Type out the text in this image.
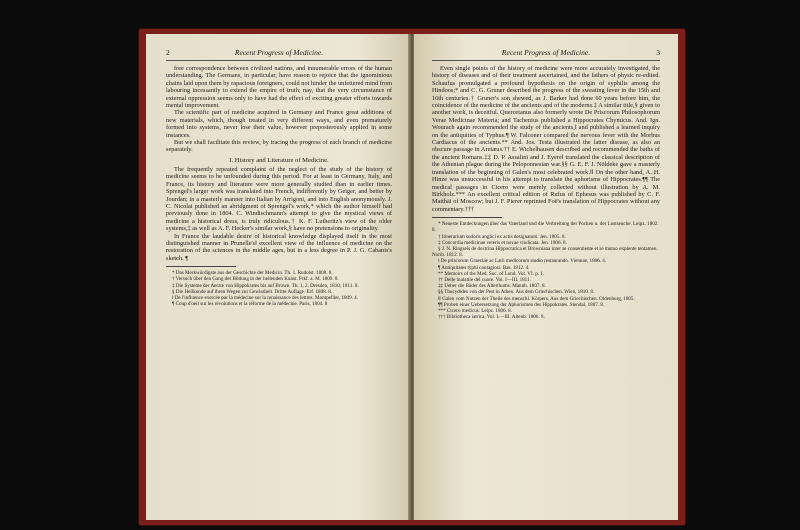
2	Recent Progress of Medicine.

free correspondence between civilized nations, and innumerable errors of the human understanding. The Germans, in particular, have reason to rejoice that the ignominious chains laid upon them by rapacious foreigners, could not hinder the unfettered mind from labouring incessantly to extend the empire of truth; nay, that the very circumstance of external oppression seems only to have had the effect of exciting greater efforts towards mental improvement.

The scientific part of medicine acquired in Germany and France great additions of new materials, which, though treated in very different ways, and even prematurely formed into systems, never lose their value, however preposterously applied in some instances.

But we shall facilitate this review, by tracing the progress of each branch of medicine separately.

I. History and Literature of Medicine.

The frequently repeated complaint of the neglect of the study of the history of medicine seems to be unfounded during this period. For at least in Germany, Italy, and France, its history and literature were more generally studied than in earlier times. Sprengel's larger work was translated into French, indifferently by Geiger, and better by Jourdan; in a masterly manner into Italian by Arrigoni, and into English anonymously. J. C. Nicolai published an abridgment of Sprengel's work,* which the author himself had previously done in 1804. C. Windischmann's attempt to give the mystical views of medicine a historical dress, is truly ridiculous.† K. F. Lutheritz's view of the older systems,‡ as well as A. F. Hecker's similar work,§ have no pretensions to originality.

In France the laudable desire of historical knowledge displayed itself in the most distinguished manner in Prunelle's‖ excellent view of the influence of medicine on the restoration of the sciences in the middle ages, but in a less degree in P. J. G. Cabanis's sketch. ¶

* Das Merkwürdigste aus der Geschichte der Medicin. Th. 1. Rudolst. 1808. 8.
† Versuch über den Gang der Bildung in der heilenden Kunst. Frkf. a. M. 1809. 8.
‡ Die Systeme der Aerzte von Hippokrates bis auf Brown. Th. 1, 2. Dresden, 1810, 1811. 8.
§ Die Heilkunde auf ihren Wegen zur Gewissheit. Dritte Auflage. Erf. 1808. 8.
‖ De l'influence exercée par la médecine sur la renaissance des lettres. Montpellier, 1809. 4.
¶ Coup d'oeil sur les révolutions et la réforme de la médecine. Paris, 1804. 8
Recent Progress of Medicine.	3

Even single points of the history of medicine were more accurately investigated, the history of diseases and of their treatment ascertained, and the fathers of physic re-edited. Schaufus promulgated a profound hypothesis on the origin of syphilis among the Hindoos;* and C. G. Gruner described the progress of the sweating fever in the 15th and 16th centuries.† Gruner's son shewed, as J. Barker had done 60 years before him, the coincidence of the medicine of the ancients and of the moderns.‡ A similar title,§ given to another work, is deceitful. Quercetanus also formerly wrote De Priscorum Philosophorum Verae Medicinae Materia; and Tachenius published a Hippocrates Chymicus. And. Ign. Wourach again recommended the study of the ancients,‖ and published a learned inquiry on the antiquities of Typhus.¶ W. Falconer compared the nervous fever with the Morbus Cardiacus of the ancients.** And. Jos. Testa illustrated the latter disease, as also an obscure passage in Aretæus.†† E. Wichelhausen described and recommended the baths of the ancient Romans.‡‡ D. P. Assalini and J. Eyerel translated the classical description of the Athenian plague during the Peloponnesian war.§§ G. E. F. J. Nöldeke gave a masterly translation of the beginning of Galen's most celebrated work.‖‖ On the other hand, A. H. Hinze was unsuccessful in his attempt to translate the aphorisms of Hippocrates.¶¶ The medical passages in Cicero were merely collected without illustration by A. M. Birkholz.*** An excellent critical edition of Rufus of Ephesus was published by C. F. Matthäi of Moscow; but J. F. Pierer reprinted Foë's translation of Hippocrates without any commentary.†††

* Neueste Entdeckungen über das Vaterland und die Verbreitung der Pocken u. der Lustseuche. Leipz. 1802. 8.
† Itinerarium sudoris anglici ex actis designatum. Jen. 1805. 8.
‡ Concordia medicinae veteris et novae vindicata. Jen. 1806. 8.
§ J. N. Ringseis de doctrina Hippocratica et Browniana inter se consentiente et se mutuo explente tentamen. Norib. 1812. 8.
‖ De priscorum Graeciae ac Latii medicorum studio restaurando. Viennae, 1806. 4.
¶ Antiquitates typhi contagiosi. Bas. 1812. 4.
** Memoirs of the Med. Soc. of Lond. Vol. VI. p. 1.
†† Delle malattie del cuore. Vol. I—III. 1811.
‡‡ Ueber die Bäder des Alterthums. Mannh. 1807. 8.
§§ Thucydides von der Pest in Athen. Aus dem Griechischen. Wien, 1810. 8.
‖‖ Galen vom Nutzen der Theile des menschl. Körpers. Aus dem Griechischen. Oldenburg, 1805.
¶¶ Proben einer Uebersetzung der Aphorismen des Hippokrates. Stendal, 1807. 8.
*** Cicero medicus. Leipz. 1806. 8.
††† Bibliotheca iatrica, Vol. I.—III. Altenb. 1806. 8.
